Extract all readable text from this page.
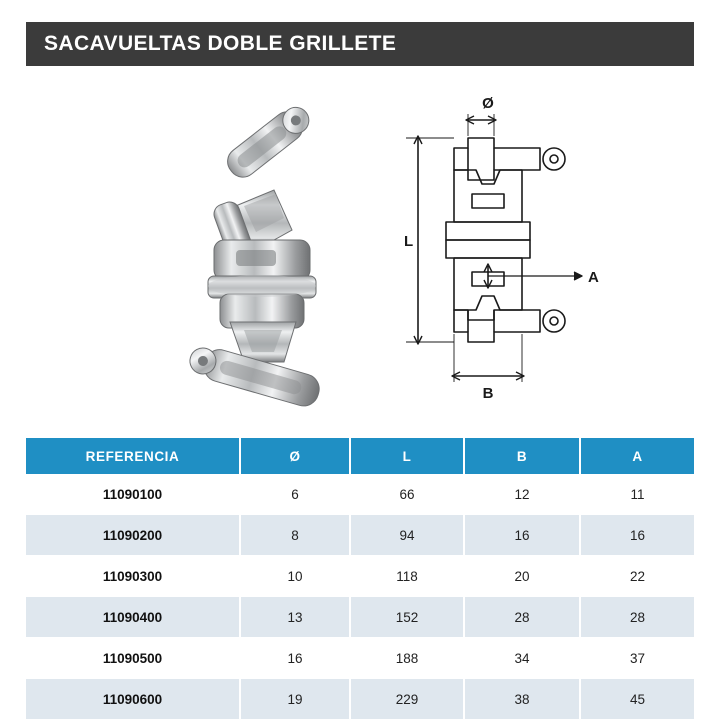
SACAVUELTAS DOBLE GRILLETE
Ø
L
B
A
REFERENCIA	Ø	L	B	A
11090100	6	66	12	11
11090200	8	94	16	16
11090300	10	118	20	22
11090400	13	152	28	28
11090500	16	188	34	37
11090600	19	229	38	45
